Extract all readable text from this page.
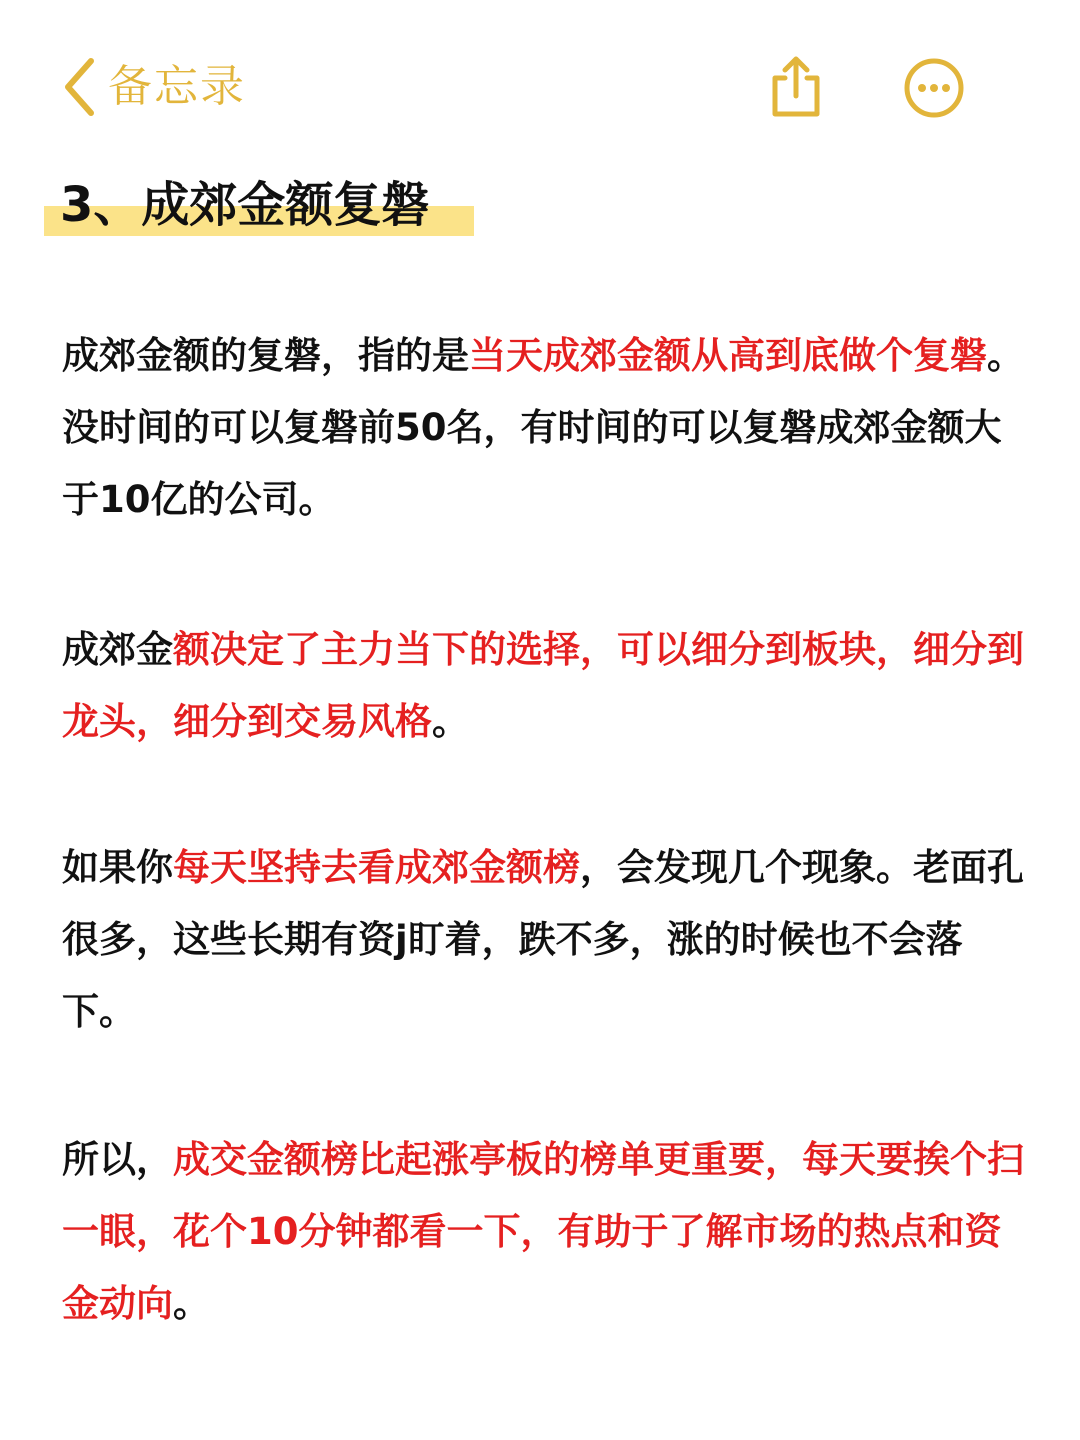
备忘录
3、成郊金额复磐

成郊金额的复磐，指的是当天成郊金额从高到底做个复磐。没时间的可以复磐前50名，有时间的可以复磐成郊金额大于10亿的公司。

成郊金额决定了主力当下的选择，可以细分到板块，细分到龙头，细分到交易风格。

如果你每天坚持去看成郊金额榜，会发现几个现象。老面孔很多，这些长期有资j盯着，跌不多，涨的时候也不会落下。

所以，成交金额榜比起涨亭板的榜单更重要，每天要挨个扫一眼，花个10分钟都看一下，有助于了解市场的热点和资金动向。
